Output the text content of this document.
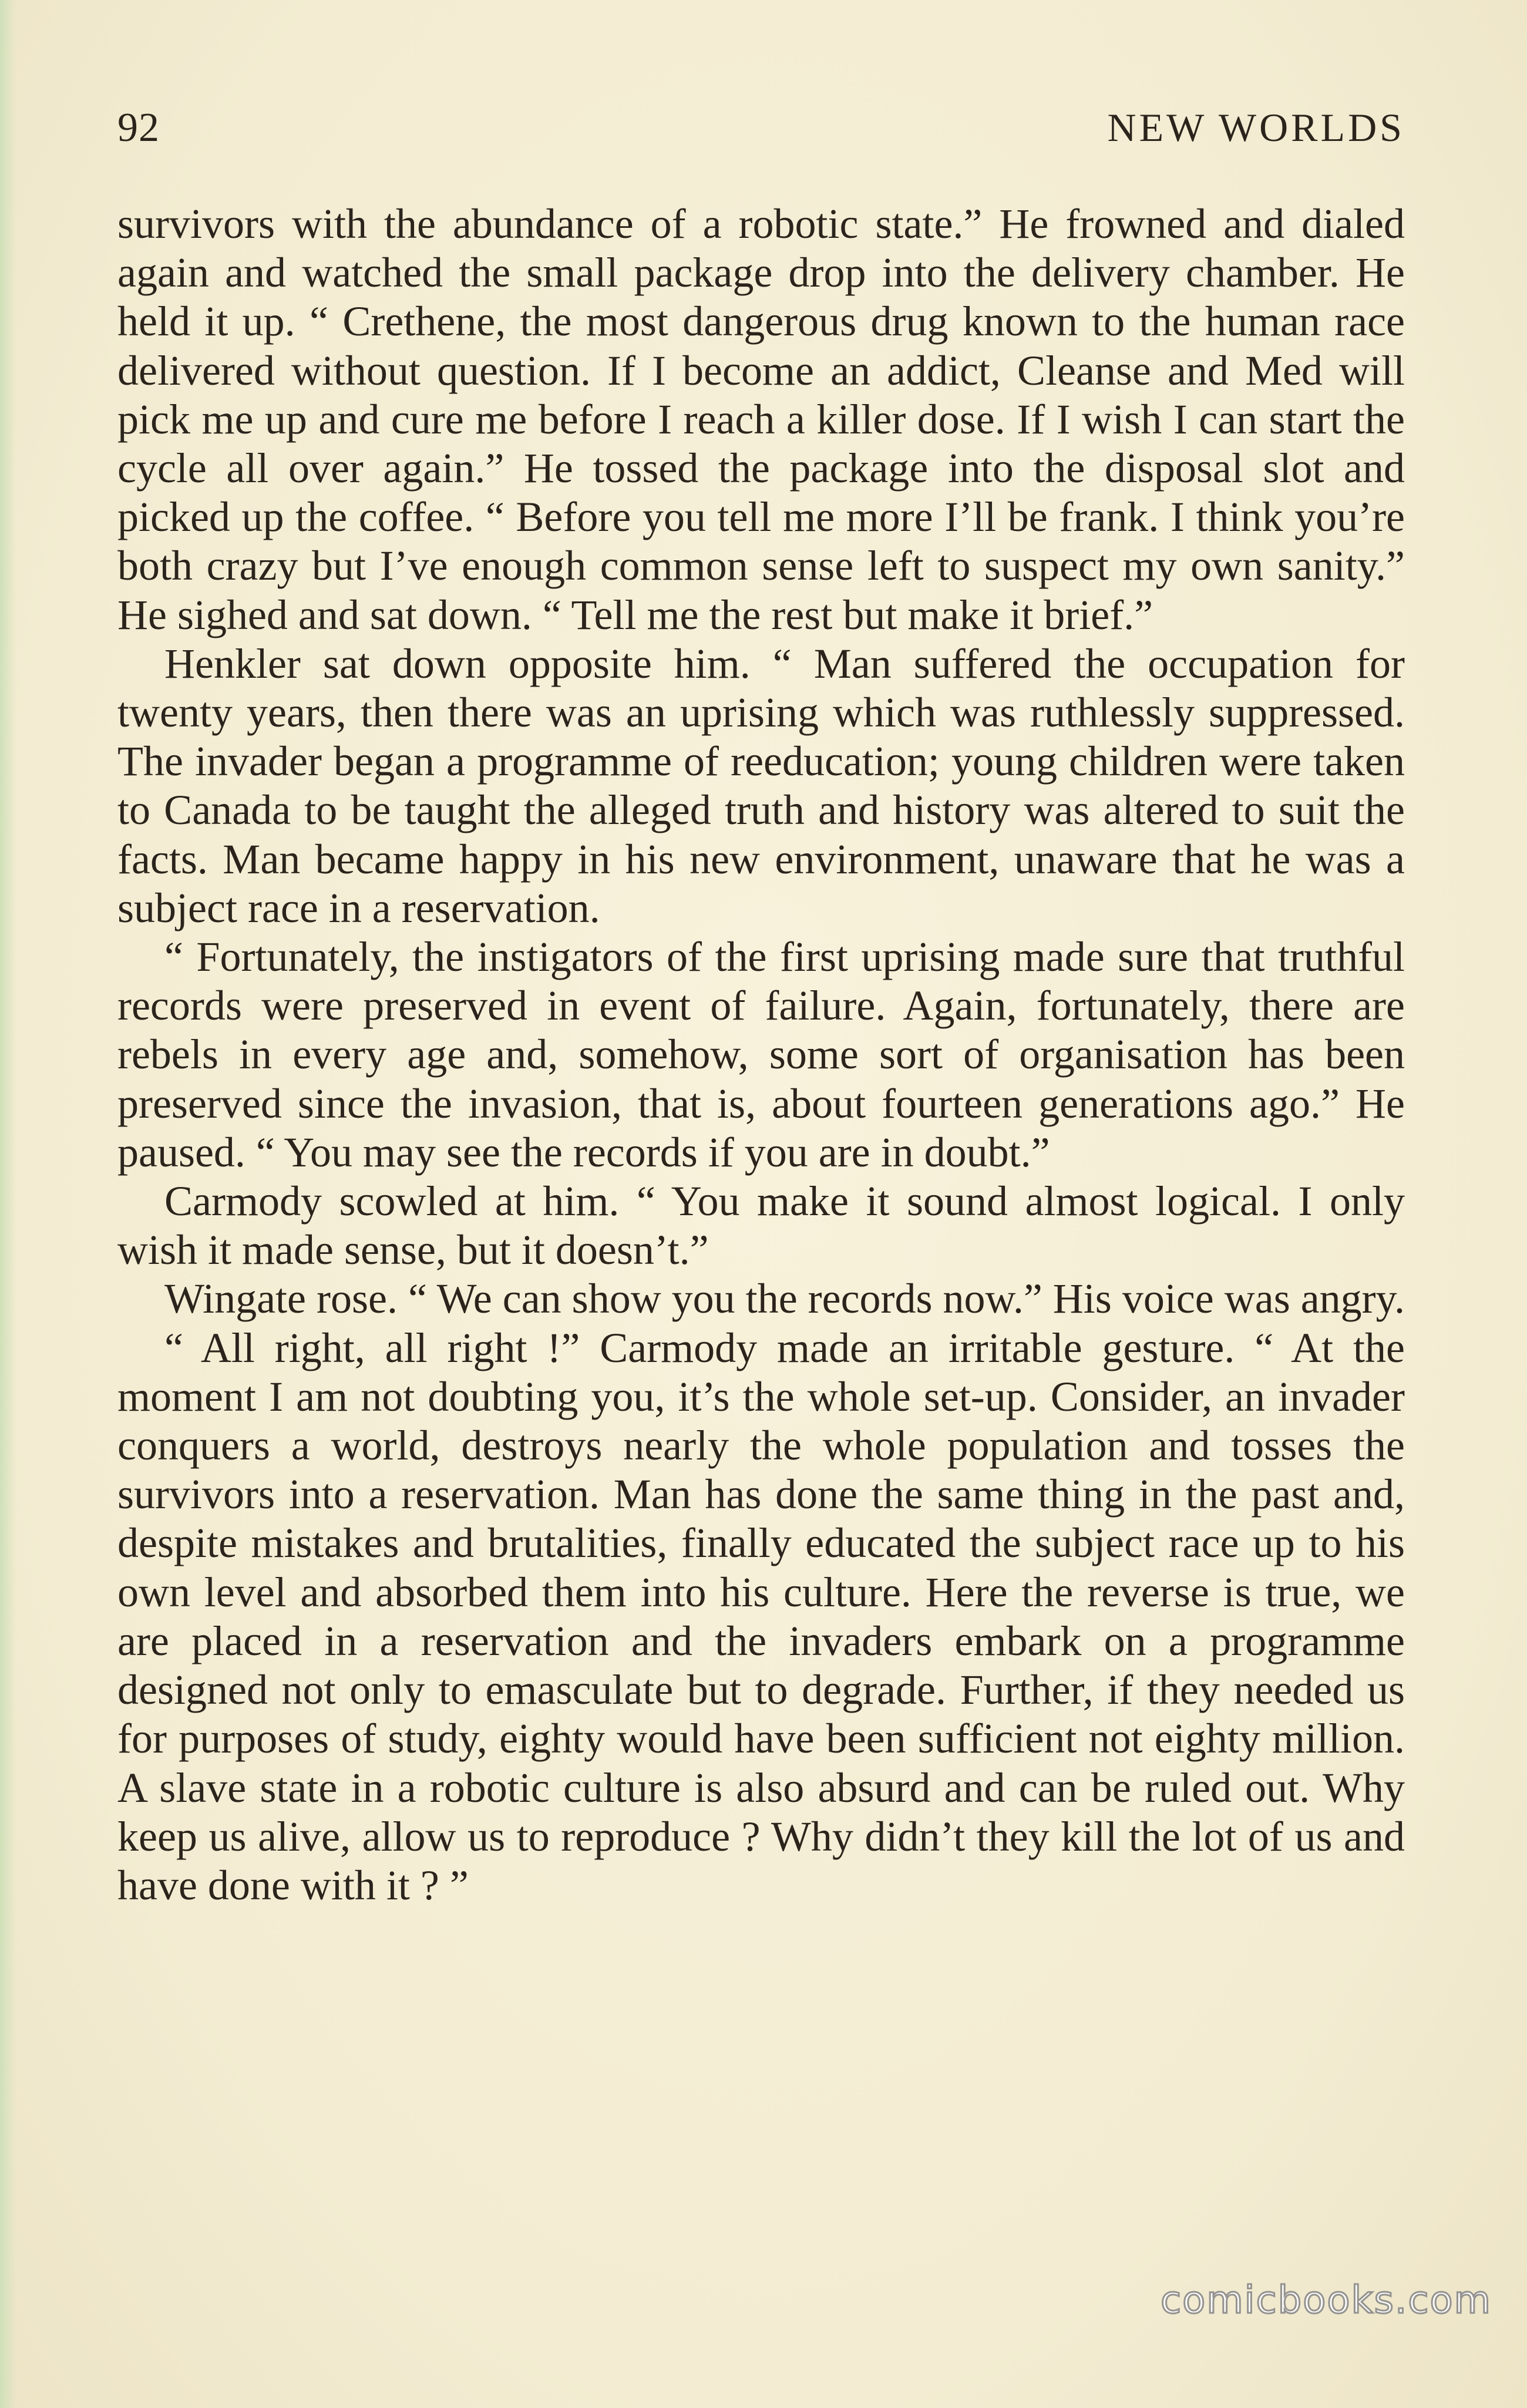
92	NEW WORLDS

survivors with the abundance of a robotic state.” He frowned and dialed again and watched the small package drop into the delivery chamber. He held it up. “ Crethene, the most dangerous drug known to the human race delivered without question. If I become an addict, Cleanse and Med will pick me up and cure me before I reach a killer dose. If I wish I can start the cycle all over again.” He tossed the package into the disposal slot and picked up the coffee. “ Before you tell me more I’ll be frank. I think you’re both crazy but I’ve enough common sense left to suspect my own sanity.” He sighed and sat down. “ Tell me the rest but make it brief.”

Henkler sat down opposite him. “ Man suffered the occupation for twenty years, then there was an uprising which was ruthlessly suppressed. The invader began a programme of reeducation; young children were taken to Canada to be taught the alleged truth and history was altered to suit the facts. Man became happy in his new environment, unaware that he was a subject race in a reservation.

“ Fortunately, the instigators of the first uprising made sure that truthful records were preserved in event of failure. Again, fortunately, there are rebels in every age and, somehow, some sort of organisation has been preserved since the invasion, that is, about fourteen generations ago.” He paused. “ You may see the records if you are in doubt.”

Carmody scowled at him. “ You make it sound almost logical. I only wish it made sense, but it doesn’t.”

Wingate rose. “ We can show you the records now.” His voice was angry.

“ All right, all right !” Carmody made an irritable gesture. “ At the moment I am not doubting you, it’s the whole set-up. Consider, an invader conquers a world, destroys nearly the whole population and tosses the survivors into a reservation. Man has done the same thing in the past and, despite mistakes and brutalities, finally educated the subject race up to his own level and absorbed them into his culture. Here the reverse is true, we are placed in a reservation and the invaders embark on a programme designed not only to emasculate but to degrade. Further, if they needed us for purposes of study, eighty would have been sufficient not eighty million. A slave state in a robotic culture is also absurd and can be ruled out. Why keep us alive, allow us to reproduce ? Why didn’t they kill the lot of us and have done with it ? ”

comicbooks.com
